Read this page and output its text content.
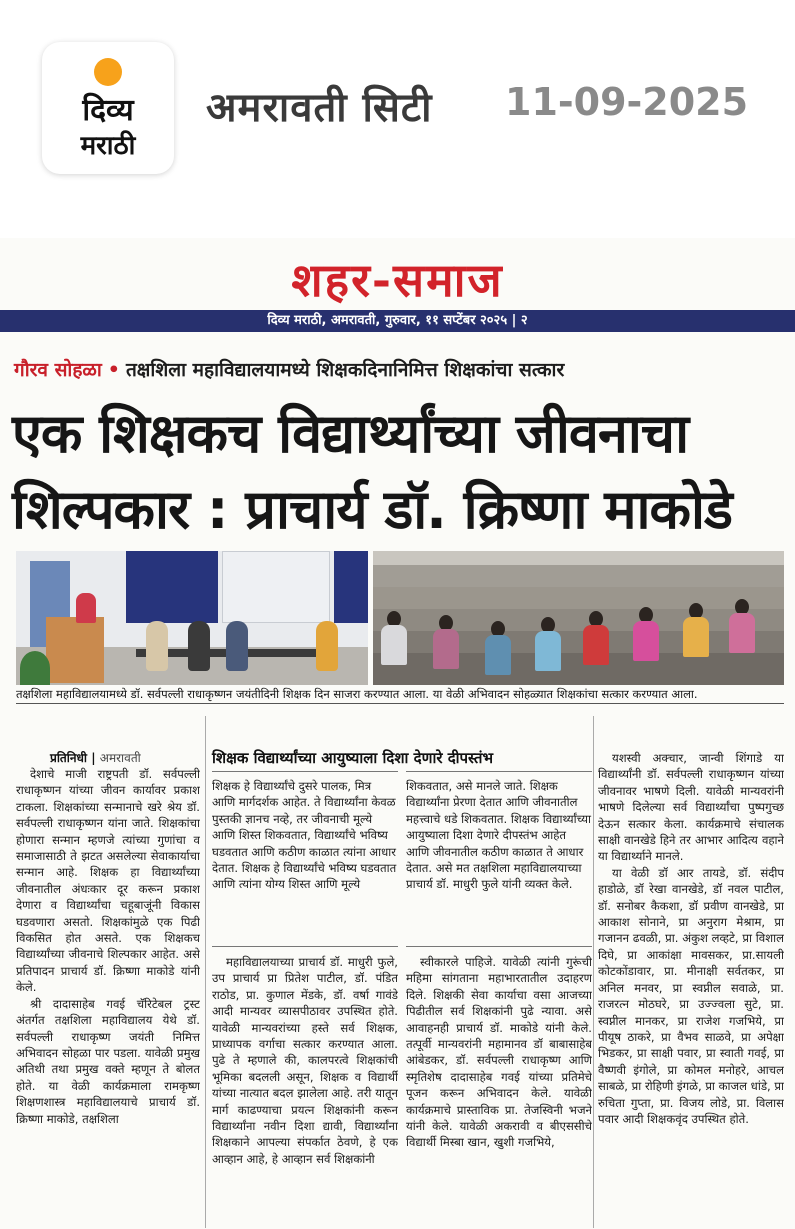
दिव्य
मराठी
अमरावती सिटी 11-09-2025
शहर-समाज
दिव्य मराठी, अमरावती, गुरुवार, ११ सप्टेंबर २०२५ | २
गौरव सोहळा • तक्षशिला महाविद्यालयामध्ये शिक्षकदिनानिमित्त शिक्षकांचा सत्कार
एक शिक्षकच विद्यार्थ्यांच्या जीवनाचा
शिल्पकार : प्राचार्य डॉ. क्रिष्णा माकोडे
तक्षशिला महाविद्यालयामध्ये डॉ. सर्वपल्ली राधाकृष्णन जयंतीदिनी शिक्षक दिन साजरा करण्यात आला. या वेळी अभिवादन सोहळ्यात शिक्षकांचा सत्कार करण्यात आला.
प्रतिनिधी | अमरावती	शिक्षक विद्यार्थ्यांच्या आयुष्याला दिशा देणारे दीपस्तंभ

देशाचे माजी राष्ट्रपती डॉ. सर्वपल्ली राधाकृष्णन यांच्या जीवन कार्यावर प्रकाश टाकला. शिक्षकांच्या सन्मानाचे खरे श्रेय डॉ. सर्वपल्ली राधाकृष्णन यांना जाते. शिक्षकांचा होणारा सन्मान म्हणजे त्यांच्या गुणांचा व समाजासाठी ते झटत असलेल्या सेवाकार्याचा सन्मान आहे. शिक्षक हा विद्यार्थ्यांच्या जीवनातील अंधःकार दूर करून प्रकाश देणारा व विद्यार्थ्यांचा चहूबाजूंनी विकास घडवणारा असतो. शिक्षकांमुळे एक पिढी विकसित होत असते. एक शिक्षकच विद्यार्थ्यांच्या जीवनाचे शिल्पकार आहेत. असे प्रतिपादन प्राचार्य डॉ. क्रिष्णा माकोडे यांनी केले.

श्री दादासाहेब गवई चॅरिटेबल ट्रस्ट अंतर्गत तक्षशिला महाविद्यालय येथे डॉ. सर्वपल्ली राधाकृष्ण जयंती निमित्त अभिवादन सोहळा पार पडला. यावेळी प्रमुख अतिथी तथा प्रमुख वक्ते म्हणून ते बोलत होते. या वेळी कार्यक्रमाला रामकृष्ण शिक्षणशास्त्र महाविद्यालयाचे प्राचार्य डॉ. क्रिष्णा माकोडे, तक्षशिला

शिक्षक हे विद्यार्थ्यांचे दुसरे पालक, मित्र आणि मार्गदर्शक आहेत. ते विद्यार्थ्यांना केवळ पुस्तकी ज्ञानच नव्हे, तर जीवनाची मूल्ये आणि शिस्त शिकवतात, विद्यार्थ्यांचे भविष्य घडवतात आणि कठीण काळात त्यांना आधार देतात. शिक्षक हे विद्यार्थ्यांचे भविष्य घडवतात आणि त्यांना योग्य शिस्त आणि मूल्ये
शिकवतात, असे मानले जाते. शिक्षक विद्यार्थ्यांना प्रेरणा देतात आणि जीवनातील महत्त्वाचे धडे शिकवतात. शिक्षक विद्यार्थ्यांच्या आयुष्याला दिशा देणारे दीपस्तंभ आहेत आणि जीवनातील कठीण काळात ते आधार देतात. असे मत तक्षशिला महाविद्यालयाच्या प्राचार्य डॉ. माधुरी फुले यांनी व्यक्त केले.

महाविद्यालयाच्या प्राचार्य डॉ. माधुरी फुले, उप प्राचार्य प्रा प्रितेश पाटील, डॉ. पंडित राठोड, प्रा. कुणाल मेंडके, डॉ. वर्षा गावंडे आदी मान्यवर व्यासपीठावर उपस्थित होते. यावेळी मान्यवरांच्या हस्ते सर्व शिक्षक, प्राध्यापक वर्गाचा सत्कार करण्यात आला. पुढे ते म्हणाले की, कालपरत्वे शिक्षकांची भूमिका बदलली असून, शिक्षक व विद्यार्थी यांच्या नात्यात बदल झालेला आहे. तरी यातून मार्ग काढण्याचा प्रयत्न शिक्षकांनी करून विद्यार्थ्यांना नवीन दिशा द्यावी, विद्यार्थ्यांना शिक्षकाने आपल्या संपर्कात ठेवणे, हे एक आव्हान आहे, हे आव्हान सर्व शिक्षकांनी

स्वीकारले पाहिजे. यावेळी त्यांनी गुरूंची महिमा सांगताना महाभारतातील उदाहरण दिले. शिक्षकी सेवा कार्याचा वसा आजच्या पिढीतील सर्व शिक्षकांनी पुढे न्यावा. असे आवाहनही प्राचार्य डॉ. माकोडे यांनी केले. तत्पूर्वी मान्यवरांनी महामानव डॉ बाबासाहेब आंबेडकर, डॉ. सर्वपल्ली राधाकृष्ण आणि स्मृतिशेष दादासाहेब गवई यांच्या प्रतिमेचे पूजन करून अभिवादन केले. यावेळी कार्यक्रमाचे प्रास्ताविक प्रा. तेजस्विनी भजने यांनी केले. यावेळी अकरावी व बीएससीचे विद्यार्थी मिस्बा खान, खुशी गजभिये,

यशस्वी अक्चार, जान्वी शिंगाडे या विद्यार्थ्यांनी डॉ. सर्वपल्ली राधाकृष्णन यांच्या जीवनावर भाषणे दिली. यावेळी मान्यवरांनी भाषणे दिलेल्या सर्व विद्यार्थ्यांचा पुष्पगुच्छ देऊन सत्कार केला. कार्यक्रमाचे संचालक साक्षी वानखेडे हिने तर आभार आदित्य वहाने या विद्यार्थ्याने मानले.

या वेळी डॉ आर तायडे, डॉ. संदीप हाडोळे, डॉ रेखा वानखेडे, डॉ नवल पाटील, डॉ. सनोबर कैकशा, डॉ प्रवीण वानखेडे, प्रा आकाश सोनाने, प्रा अनुराग मेश्राम, प्रा गजानन ढवळी, प्रा. अंकुश लव्हटे, प्रा विशाल दिघे, प्रा आकांक्षा मावसकर, प्रा.सायली कोटकोंडावार, प्रा. मीनाक्षी सर्वतकर, प्रा अनिल मनवर, प्रा स्वप्नील सवाळे, प्रा. राजरत्न मोठघरे, प्रा उज्ज्वला सुटे, प्रा. स्वप्नील मानकर, प्रा राजेश गजभिये, प्रा पीयूष ठाकरे, प्रा वैभव साळवे, प्रा अपेक्षा भिडकर, प्रा साक्षी पवार, प्रा स्वाती गवई, प्रा वैष्णवी इंगोले, प्रा कोमल मनोहरे, आचल साबळे, प्रा रोहिणी इंगळे, प्रा काजल धांडे, प्रा रुचिता गुप्ता, प्रा. विजय लोडे, प्रा. विलास पवार आदी शिक्षकवृंद उपस्थित होते.
